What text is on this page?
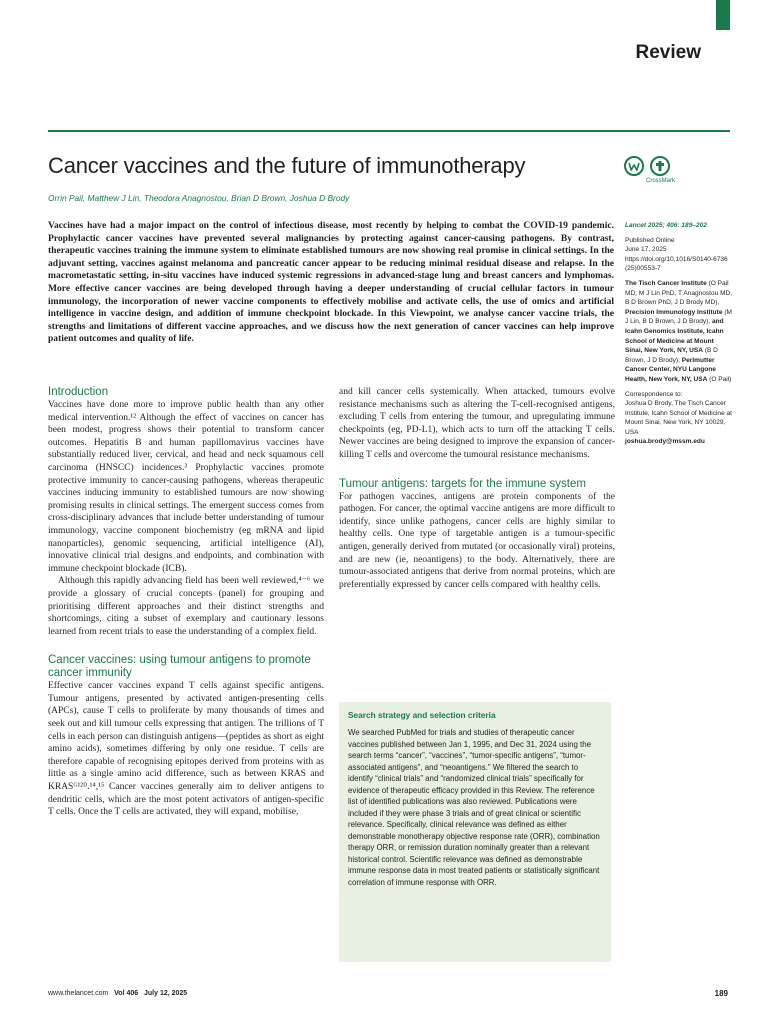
Review
Cancer vaccines and the future of immunotherapy
CrossMark

Orrin Pail, Matthew J Lin, Theodora Anagnostou, Brian D Brown, Joshua D Brody

Vaccines have had a major impact on the control of infectious disease, most recently by helping to combat the COVID-19 pandemic. Prophylactic cancer vaccines have prevented several malignancies by protecting against cancer-causing pathogens. By contrast, therapeutic vaccines training the immune system to eliminate established tumours are now showing real promise in clinical settings. In the adjuvant setting, vaccines against melanoma and pancreatic cancer appear to be reducing minimal residual disease and relapse. In the macrometastatic setting, in-situ vaccines have induced systemic regressions in advanced-stage lung and breast cancers and lymphomas. More effective cancer vaccines are being developed through having a deeper understanding of crucial cellular factors in tumour immunology, the incorporation of newer vaccine components to effectively mobilise and activate cells, the use of omics and artificial intelligence in vaccine design, and addition of immune checkpoint blockade. In this Viewpoint, we analyse cancer vaccine trials, the strengths and limitations of different vaccine approaches, and we discuss how the next generation of cancer vaccines can help improve patient outcomes and quality of life.

Introduction

Vaccines have done more to improve public health than any other medical intervention.¹² Although the effect of vaccines on cancer has been modest, progress shows their potential to transform cancer outcomes. Hepatitis B and human papillomavirus vaccines have substantially reduced liver, cervical, and head and neck squamous cell carcinoma (HNSCC) incidences.³ Prophylactic vaccines promote protective immunity to cancer-causing pathogens, whereas therapeutic vaccines inducing immunity to established tumours are now showing promising results in clinical settings. The emergent success comes from cross-disciplinary advances that include better understanding of tumour immunology, vaccine component biochemistry (eg mRNA and lipid nanoparticles), genomic sequencing, artificial intelligence (AI), innovative clinical trial designs and endpoints, and combination with immune checkpoint blockade (ICB).

Although this rapidly advancing field has been well reviewed,⁴⁻⁶ we provide a glossary of crucial concepts (panel) for grouping and prioritising different approaches and their distinct strengths and shortcomings, citing a subset of exemplary and cautionary lessons learned from recent trials to ease the understanding of a complex field.

Cancer vaccines: using tumour antigens to promote cancer immunity

Effective cancer vaccines expand T cells against specific antigens. Tumour antigens, presented by activated antigen-presenting cells (APCs), cause T cells to proliferate by many thousands of times and seek out and kill tumour cells expressing that antigen. The trillions of T cells in each person can distinguish antigens—(peptides as short as eight amino acids), sometimes differing by only one residue. T cells are therefore capable of recognising epitopes derived from proteins with as little as a single amino acid difference, such as between KRAS and KRASᴳ¹²ᴰ.¹⁴,¹⁵ Cancer vaccines generally aim to deliver antigens to dendritic cells, which are the most potent activators of antigen-specific T cells. Once the T cells are activated, they will expand, mobilise,

and kill cancer cells systemically. When attacked, tumours evolve resistance mechanisms such as altering the T-cell-recognised antigens, excluding T cells from entering the tumour, and upregulating immune checkpoints (eg, PD-L1), which acts to turn off the attacking T cells. Newer vaccines are being designed to improve the expansion of cancer-killing T cells and overcome the tumoural resistance mechanisms.

Tumour antigens: targets for the immune system

For pathogen vaccines, antigens are protein components of the pathogen. For cancer, the optimal vaccine antigens are more difficult to identify, since unlike pathogens, cancer cells are highly similar to healthy cells. One type of targetable antigen is a tumour-specific antigen, generally derived from mutated (or occasionally viral) proteins, and are new (ie, neoantigens) to the body. Alternatively, there are tumour-associated antigens that derive from normal proteins, which are preferentially expressed by cancer cells compared with healthy cells.

Search strategy and selection criteria

We searched PubMed for trials and studies of therapeutic cancer vaccines published between Jan 1, 1995, and Dec 31, 2024 using the search terms “cancer”, “vaccines”, “tumor-specific antigens”, “tumor-associated antigens”, and “neoantigens.” We filtered the search to identify “clinical trials” and “randomized clinical trials” specifically for evidence of therapeutic efficacy provided in this Review. The reference list of identified publications was also reviewed. Publications were included if they were phase 3 trials and of great clinical or scientific relevance. Specifically, clinical relevance was defined as either demonstrable monotherapy objective response rate (ORR), combination therapy ORR, or remission duration nominally greater than a relevant historical control. Scientific relevance was defined as demonstrable immune response data in most treated patients or statistically significant correlation of immune response with ORR.

Lancet 2025; 406: 189–202

Published Online
June 17, 2025
https://doi.org/10.1016/S0140-6736(25)00553-7

The Tisch Cancer Institute (O Pail MD, M J Lin PhD, T Anagnostou MD, B D Brown PhD, J D Brody MD), Precision Immunology Institute (M J Lin, B D Brown, J D Brody), and Icahn Genomics Institute, Icahn School of Medicine at Mount Sinai, New York, NY, USA (B D Brown, J D Brody); Perlmutter Cancer Center, NYU Langone Health, New York, NY, USA (O Pail)

Correspondence to:
Joshua D Brody, The Tisch Cancer Institute, Icahn School of Medicine at Mount Sinai, New York, NY 10029, USA
joshua.brody@mssm.edu

www.thelancet.com Vol 406 July 12, 2025	189
